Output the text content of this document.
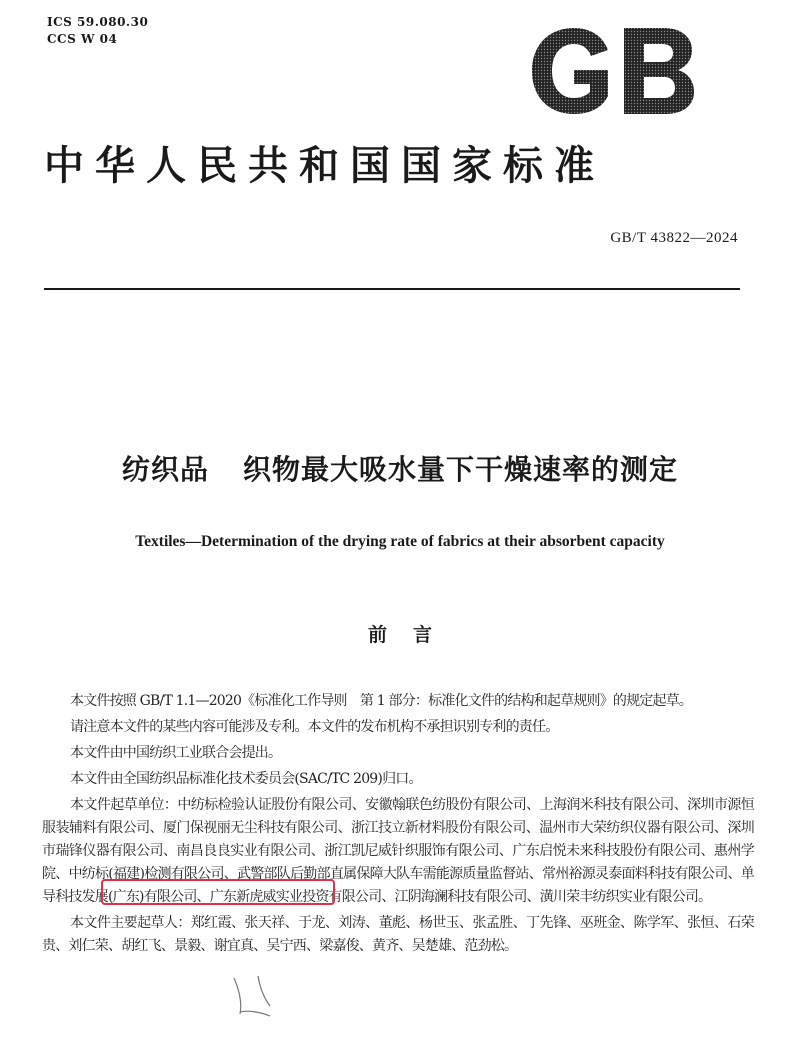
ICS 59.080.30
CCS W 04
中华人民共和国国家标准
GB/T 43822—2024
纺织品 织物最大吸水量下干燥速率的测定
Textiles—Determination of the drying rate of fabrics at their absorbent capacity
前言

本文件按照 GB/T 1.1—2020《标准化工作导则　第 1 部分：标准化文件的结构和起草规则》的规定起草。

请注意本文件的某些内容可能涉及专利。本文件的发布机构不承担识别专利的责任。

本文件由中国纺织工业联合会提出。

本文件由全国纺织品标准化技术委员会(SAC/TC 209)归口。

本文件起草单位：中纺标检验认证股份有限公司、安徽翰联色纺股份有限公司、上海润米科技有限公司、深圳市源恒服装辅料有限公司、厦门保视丽无尘科技有限公司、浙江技立新材料股份有限公司、温州市大荣纺织仪器有限公司、深圳市瑞锋仪器有限公司、南昌良良实业有限公司、浙江凯尼威针织服饰有限公司、广东启悦未来科技股份有限公司、惠州学院、中纺标(福建)检测有限公司、武警部队后勤部直属保障大队车需能源质量监督站、常州裕源灵泰面料科技有限公司、单导科技发展(广东)有限公司、广东新虎威实业投资有限公司、江阴海澜科技有限公司、潢川荣丰纺织实业有限公司。

本文件主要起草人：郑红霞、张天祥、于龙、刘涛、董彪、杨世玉、张孟胜、丁先锋、巫班金、陈学军、张恒、石荣贵、刘仁荣、胡红飞、景毅、谢宜真、吴宁西、梁嘉俊、黄齐、吴楚雄、范劲松。
